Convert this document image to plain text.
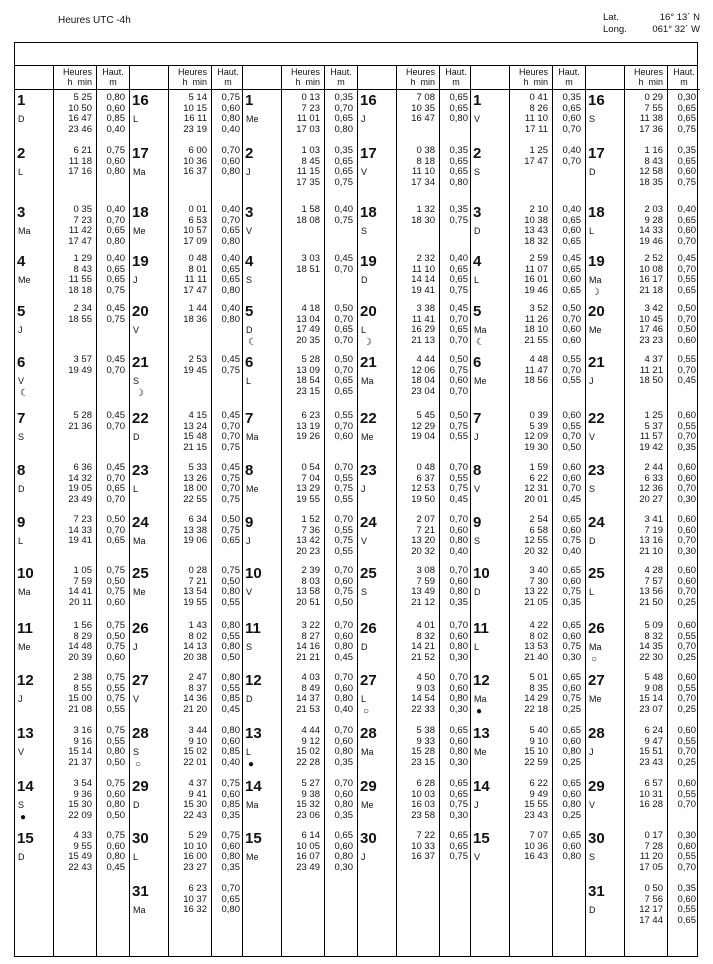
Heures UTC -4h	Lat.	16° 13´ N
Long.	061° 32´ W
Heures
h  min
Haut.
m
1
D
5 25	0,80
10 50	0,60
16 47	0,85
23 46	0,40
2
L
6 21	0,75
11 18	0,60
17 16	0,80
3
Ma
0 35	0,40
7 23	0,70
11 42	0,65
17 47	0,80
4
Me
1 29	0,40
8 43	0,65
11 55	0,65
18 18	0,75
5
J
2 34	0,45
18 55	0,75
6
V
☾
3 57	0,45
19 49	0,70
7
S
5 28	0,45
21 36	0,70
8
D
6 36	0,45
14 32	0,70
19 05	0,65
23 49	0,70
9
L
7 23	0,50
14 33	0,70
19 41	0,65
10
Ma
1 05	0,75
7 59	0,50
14 41	0,75
20 11	0,60
11
Me
1 56	0,75
8 29	0,50
14 48	0,75
20 39	0,60
12
J
2 38	0,75
8 55	0,55
15 00	0,75
21 08	0,55
13
V
3 16	0,75
9 16	0,55
15 14	0,80
21 37	0,50
14
S
●
3 54	0,75
9 36	0,60
15 30	0,80
22 09	0,50
15
D
4 33	0,75
9 55	0,60
15 49	0,80
22 43	0,45
Heures
h  min
Haut.
m
16
L
5 14	0,75
10 15	0,60
16 11	0,80
23 19	0,40
17
Ma
6 00	0,70
10 36	0,60
16 37	0,80
18
Me
0 01	0,40
6 53	0,70
10 57	0,65
17 09	0,80
19
J
0 48	0,40
8 01	0,65
11 11	0,65
17 47	0,80
20
V
1 44	0,40
18 36	0,80
21
S
☽
2 53	0,45
19 45	0,75
22
D
4 15	0,45
13 24	0,70
15 48	0,70
21 15	0,75
23
L
5 33	0,45
13 26	0,75
18 00	0,70
22 55	0,75
24
Ma
6 34	0,50
13 38	0,75
19 06	0,65
25
Me
0 28	0,75
7 21	0,50
13 54	0,80
19 55	0,55
26
J
1 43	0,80
8 02	0,55
14 13	0,80
20 38	0,50
27
V
2 47	0,80
8 37	0,55
14 36	0,85
21 20	0,45
28
S
○
3 44	0,80
9 10	0,60
15 02	0,85
22 01	0,40
29
D
4 37	0,75
9 41	0,60
15 30	0,85
22 43	0,35
30
L
5 29	0,75
10 10	0,60
16 00	0,80
23 27	0,35
31
Ma
6 23	0,70
10 37	0,65
16 32	0,80
Heures
h  min
Haut.
m
1
Me
0 13	0,35
7 23	0,70
11 01	0,65
17 03	0,80
2
J
1 03	0,35
8 45	0,65
11 15	0,65
17 35	0,75
3
V
1 58	0,40
18 08	0,75
4
S
3 03	0,45
18 51	0,70
5
D
☾
4 18	0,50
13 04	0,70
17 49	0,65
20 35	0,70
6
L
5 28	0,50
13 09	0,70
18 54	0,65
23 15	0,65
7
Ma
6 23	0,55
13 19	0,70
19 26	0,60
8
Me
0 54	0,70
7 04	0,55
13 29	0,75
19 55	0,55
9
J
1 52	0,70
7 36	0,55
13 42	0,75
20 23	0,55
10
V
2 39	0,70
8 03	0,60
13 58	0,75
20 51	0,50
11
S
3 22	0,70
8 27	0,60
14 16	0,80
21 21	0,45
12
D
4 03	0,70
8 49	0,60
14 37	0,80
21 53	0,40
13
L
●
4 44	0,70
9 12	0,60
15 02	0,80
22 28	0,35
14
Ma
5 27	0,70
9 38	0,60
15 32	0,80
23 06	0,35
15
Me
6 14	0,65
10 05	0,60
16 07	0,80
23 49	0,30
Heures
h  min
Haut.
m
16
J
7 08	0,65
10 35	0,65
16 47	0,80
17
V
0 38	0,35
8 18	0,65
11 10	0,65
17 34	0,80
18
S
1 32	0,35
18 30	0,75
19
D
2 32	0,40
11 10	0,65
14 14	0,65
19 41	0,75
20
L
☽
3 38	0,45
11 41	0,70
16 29	0,65
21 13	0,70
21
Ma
4 44	0,50
12 06	0,75
18 04	0,60
23 04	0,70
22
Me
5 45	0,50
12 29	0,75
19 04	0,55
23
J
0 48	0,70
6 37	0,55
12 53	0,75
19 50	0,45
24
V
2 07	0,70
7 21	0,60
13 20	0,80
20 32	0,40
25
S
3 08	0,70
7 59	0,60
13 49	0,80
21 12	0,35
26
D
4 01	0,70
8 32	0,60
14 21	0,80
21 52	0,30
27
L
○
4 50	0,70
9 03	0,60
14 54	0,80
22 33	0,30
28
Ma
5 38	0,65
9 33	0,60
15 28	0,80
23 15	0,30
29
Me
6 28	0,65
10 03	0,65
16 03	0,75
23 58	0,30
30
J
7 22	0,65
10 33	0,65
16 37	0,75
Heures
h  min
Haut.
m
1
V
0 41	0,35
8 26	0,65
11 10	0,60
17 11	0,70
2
S
1 25	0,40
17 47	0,70
3
D
2 10	0,40
10 38	0,65
13 43	0,60
18 32	0,65
4
L
2 59	0,45
11 07	0,65
16 01	0,60
19 46	0,65
5
Ma
☾
3 52	0,50
11 26	0,70
18 10	0,60
21 55	0,60
6
Me
4 48	0,55
11 47	0,70
18 56	0,55
7
J
0 39	0,60
5 39	0,55
12 09	0,70
19 30	0,50
8
V
1 59	0,60
6 22	0,60
12 31	0,70
20 01	0,45
9
S
2 54	0,65
6 58	0,60
12 55	0,75
20 32	0,40
10
D
3 40	0,65
7 30	0,60
13 22	0,75
21 05	0,35
11
L
4 22	0,65
8 02	0,60
13 53	0,75
21 40	0,30
12
Ma
●
5 01	0,65
8 35	0,60
14 29	0,75
22 18	0,25
13
Me
5 40	0,65
9 10	0,60
15 10	0,80
22 59	0,25
14
J
6 22	0,65
9 49	0,60
15 55	0,80
23 43	0,25
15
V
7 07	0,65
10 36	0,60
16 43	0,80
Heures
h  min
Haut.
m
16
S
0 29	0,30
7 55	0,65
11 38	0,65
17 36	0,75
17
D
1 16	0,35
8 43	0,65
12 58	0,60
18 35	0,75
18
L
2 03	0,40
9 28	0,65
14 33	0,60
19 46	0,70
19
Ma
☽
2 52	0,45
10 08	0,70
16 17	0,55
21 18	0,65
20
Me
3 42	0,50
10 45	0,70
17 46	0,50
23 23	0,60
21
J
4 37	0,55
11 21	0,70
18 50	0,45
22
V
1 25	0,60
5 37	0,55
11 57	0,70
19 42	0,35
23
S
2 44	0,60
6 33	0,60
12 36	0,70
20 27	0,30
24
D
3 41	0,60
7 19	0,60
13 16	0,70
21 10	0,30
25
L
4 28	0,60
7 57	0,60
13 56	0,70
21 50	0,25
26
Ma
○
5 09	0,60
8 32	0,55
14 35	0,70
22 30	0,25
27
Me
5 48	0,60
9 08	0,55
15 14	0,70
23 07	0,25
28
J
6 24	0,60
9 47	0,55
15 51	0,70
23 43	0,25
29
V
6 57	0,60
10 31	0,55
16 28	0,70
30
S
0 17	0,30
7 28	0,60
11 20	0,55
17 05	0,70
31
D
0 50	0,35
7 56	0,60
12 17	0,55
17 44	0,65
